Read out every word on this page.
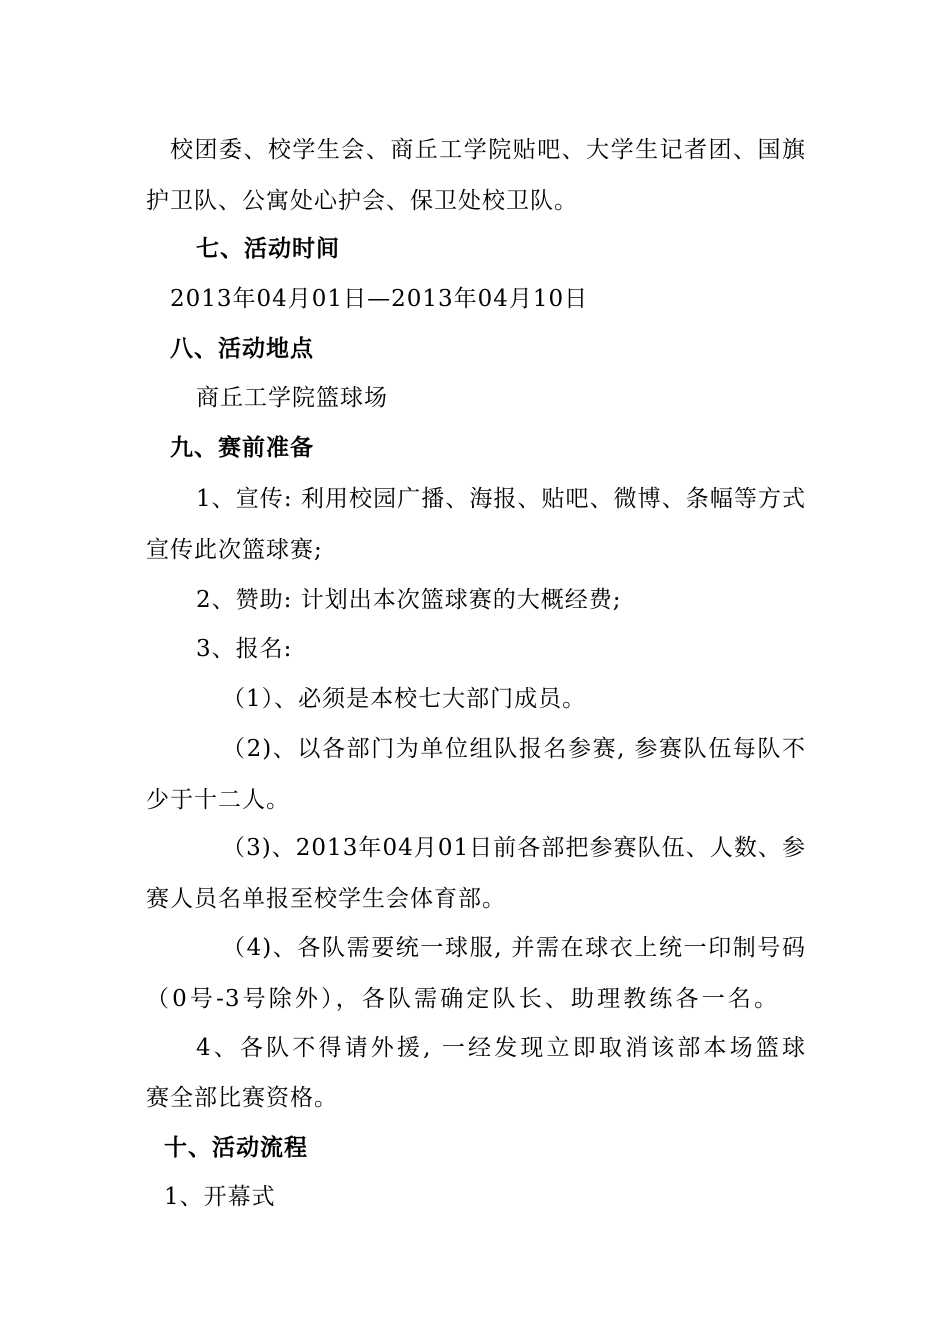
校团委、校学生会、商丘工学院贴吧、大学生记者团、国旗
护卫队、公寓处心护会、保卫处校卫队。
七、活动时间
2013年04月01日—2013年04月10日
八、活动地点
商丘工学院篮球场
九、赛前准备
1、宣传: 利用校园广播、海报、贴吧、微博、条幅等方式
宣传此次篮球赛;
2、赞助: 计划出本次篮球赛的大概经费;
3、报名:
（1）、必须是本校七大部门成员。
（2)、以各部门为单位组队报名参赛, 参赛队伍每队不
少于十二人。
（3)、2013年04月01日前各部把参赛队伍、人数、参
赛人员名单报至校学生会体育部。
（4)、各队需要统一球服, 并需在球衣上统一印制号码
（0号-3号除外），各队需确定队长、助理教练各一名。
4、各队不得请外援, 一经发现立即取消该部本场篮球
赛全部比赛资格。
十、活动流程
1、开幕式
